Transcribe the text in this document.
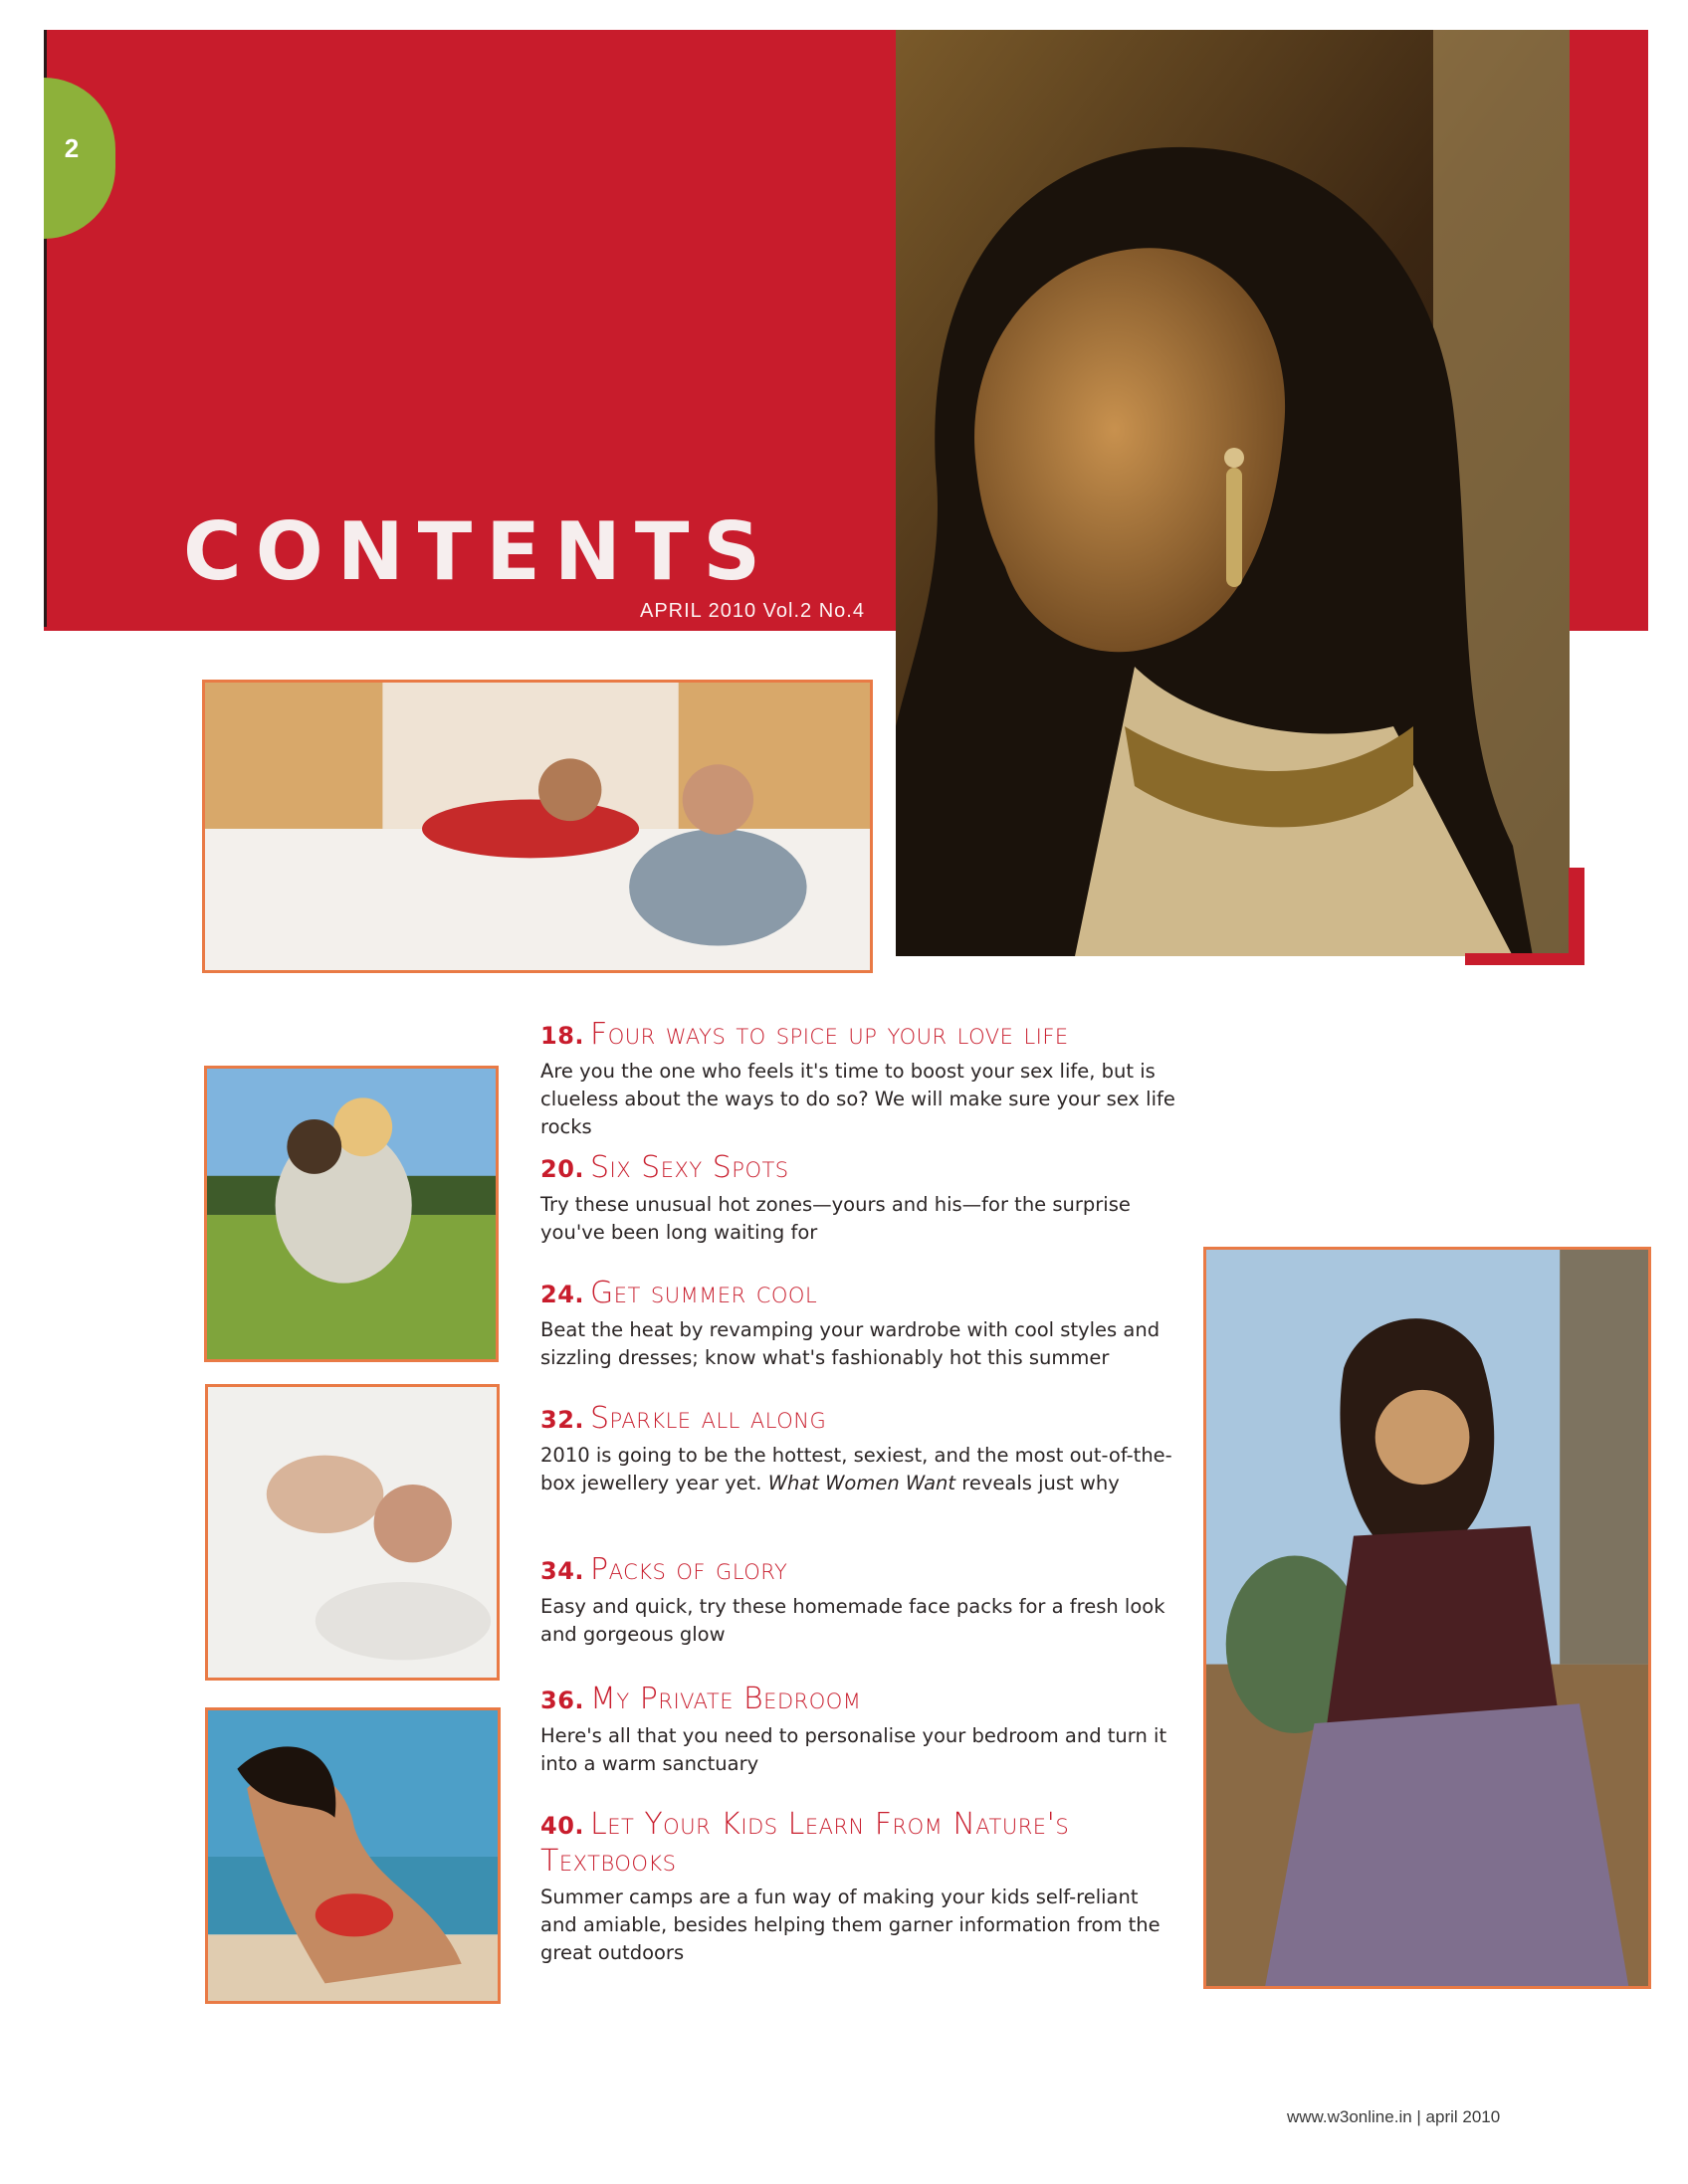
2
CONTENTS
APRIL 2010 Vol.2 No.4
18. Four ways to spice up your love life
Are you the one who feels it's time to boost your sex life, but is clueless about the ways to do so? We will make sure your sex life rocks
20. Six Sexy Spots
Try these unusual hot zones—yours and his—for the surprise you've been long waiting for
24. Get summer cool
Beat the heat by revamping your wardrobe with cool styles and sizzling dresses; know what's fashionably hot this summer
32. Sparkle all along
2010 is going to be the hottest, sexiest, and the most out-of-the-box jewellery year yet. What Women Want reveals just why
34. Packs of glory
Easy and quick, try these homemade face packs for a fresh look and gorgeous glow
36. My Private Bedroom
Here's all that you need to personalise your bedroom and turn it into a warm sanctuary
40. Let Your Kids Learn From Nature's Textbooks
Summer camps are a fun way of making your kids self-reliant and amiable, besides helping them garner information from the great outdoors
www.w3online.in | april 2010
